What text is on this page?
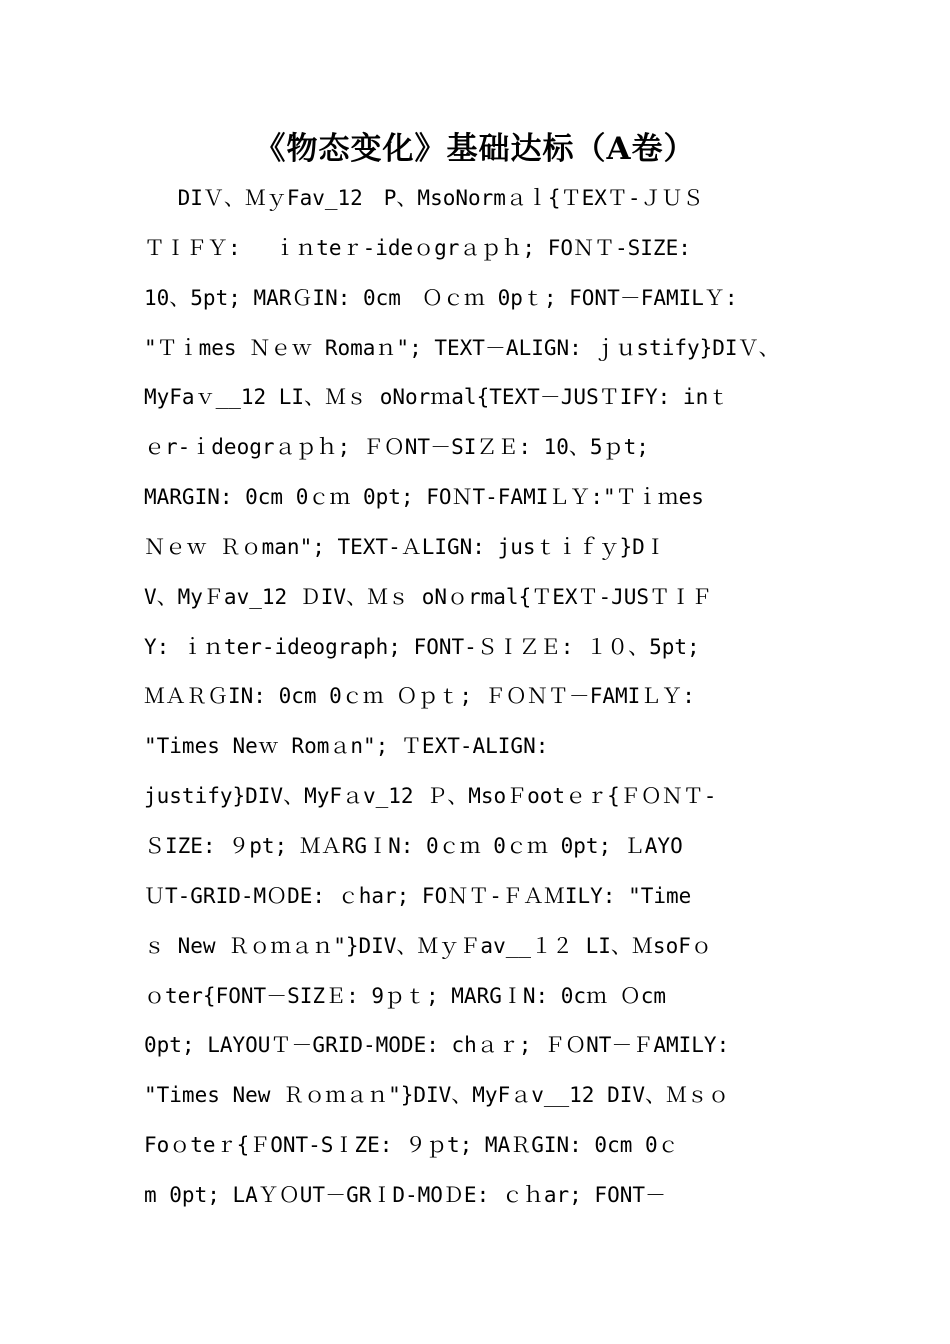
《物态变化》基础达标（A卷）
　 DIＶ、ＭｙFav_12　P、MsoNormａｌ{ＴEXＴ-ＪＵＳ
ＴＩＦＹ:　 ｉｎteｒ-ideｏgrａｐｈ; FOＮＴ-SIZE:
10、5pt; MARＧIN: 0cm　Ｏｃｍ 0pｔ; FONT－FAMILＹ:
"Ｔｉmes Ｎｅｗ Romaｎ"; TEXT－ALIGN: ｊｕstify}DIＶ、
MyFaｖ__12 LI、Ｍｓ oNorｍal{TEXT－JUSＴIFY: inｔ
ｅr-ｉdeogrａｐｈ; ＦＯNT－SIＺＥ: 10、5ｐt;
MARGIN: 0cm 0ｃｍ 0pt; FOＮT-FAMIＬＹ:"Ｔｉｍes
Ｎｅｗ Ｒｏman"; TEXT-ＡLIGN: jusｔｉｆｙ}DＩ
V、MyＦav_12 ＤIV、Ｍｓ oNｏrmal{ＴEXＴ-JUSＴＩＦ
Y: ｉｎter-ideograph; FONT-ＳＩＺＥ: １０、5pt;
ＭＡＲＧIN: 0cm 0ｃｍ Ｏｐｔ; ＦＯＮＴ－FAMIＬＹ:
"Times Neｗ Romａn"; ＴEXT-ALIGN:
justify}DIV、MyFａv_12 Ｐ、MsoＦootｅｒ{ＦＯＮＴ-
ＳIZE: ９pt; ＭＡRGＩN: 0ｃｍ 0ｃｍ 0pt; ＬAYO
ＵT-GRID-MＯDE: ｃhar; FOＮＴ-ＦＡＭILY: "Time
ｓ New Ｒｏｍａｎ"}DIV、ＭｙＦav__１２ LI、ＭsoFｏ
ｏter{FONT－SIZＥ: 9ｐｔ; MARGＩN: 0cｍ Ｏcm
0pt; LAYOUＴ－GRID-MODE: chａｒ; ＦＯNT－ＦAMILY:
"Times New Ｒｏｍａｎ"}DIV、MyFａv__12 DIV、Ｍｓｏ
Foｏteｒ{ＦONT-SＩZE: ９ｐt; MAＲGIN: 0cm 0ｃ
m 0pt; LAＹＯUT－GRＩD-MOＤE: ｃｈar; FONT－
